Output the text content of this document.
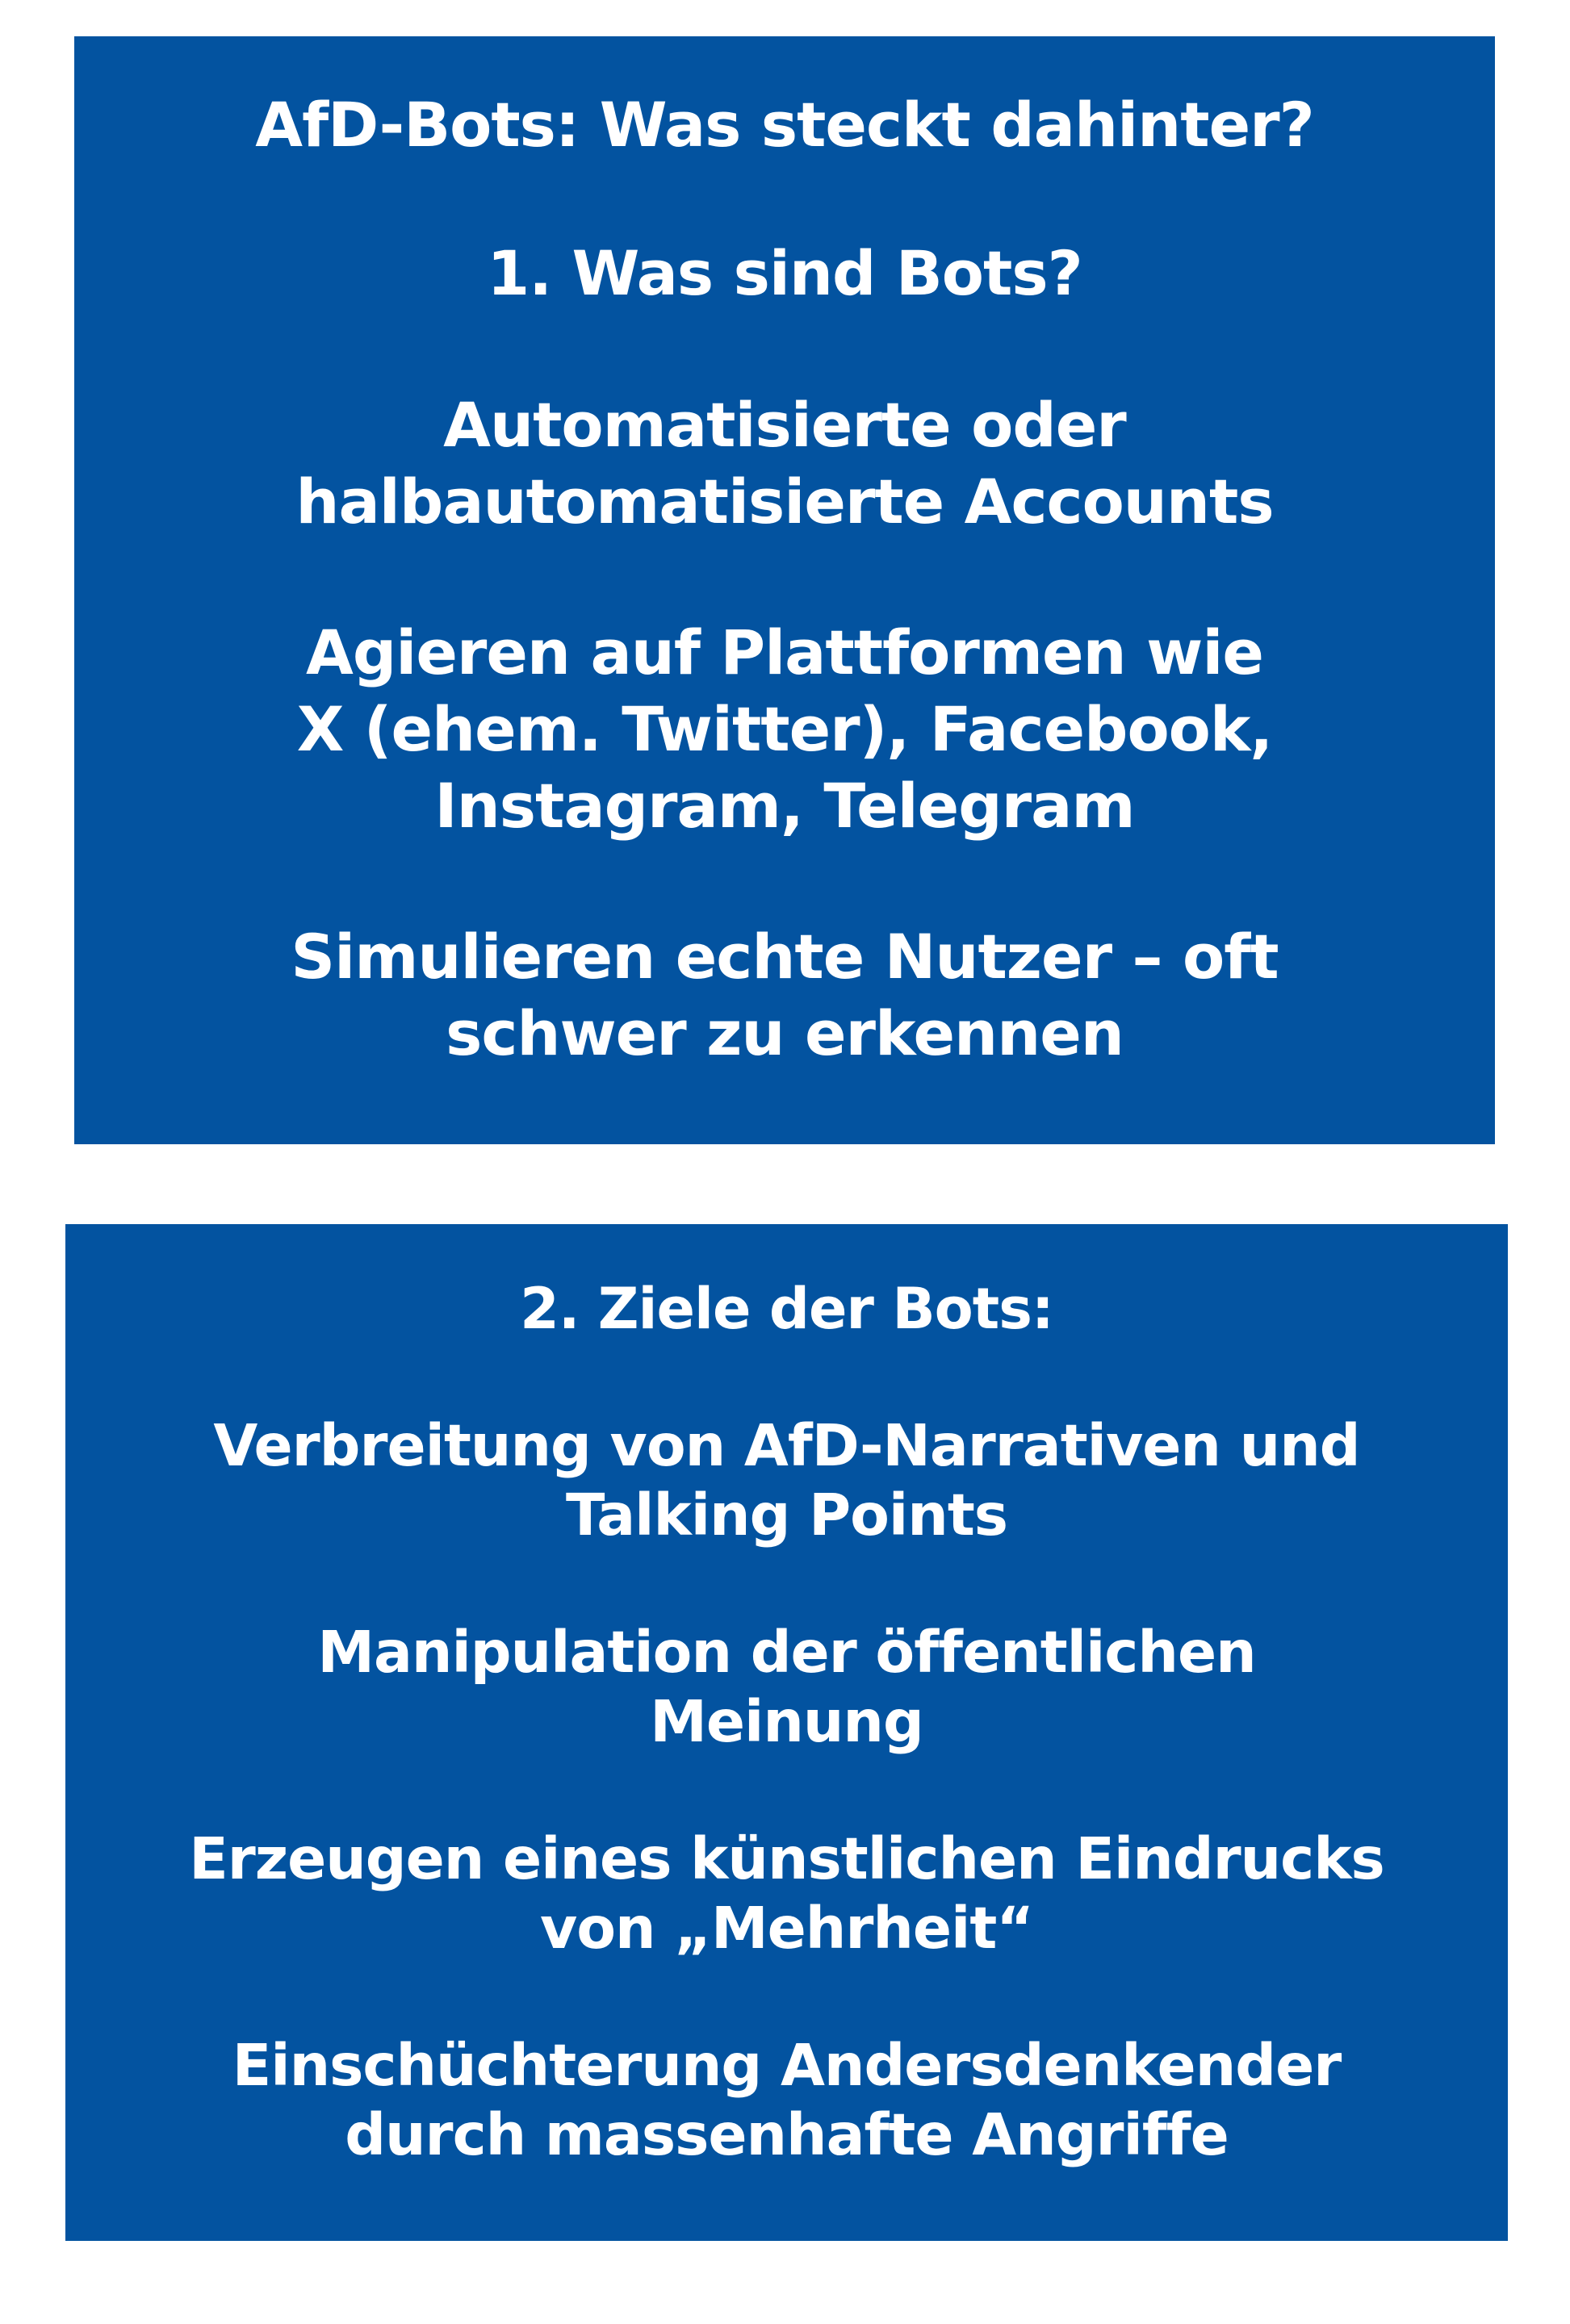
AfD-Bots: Was steckt dahinter?
1. Was sind Bots?
Automatisierte oder
halbautomatisierte Accounts
Agieren auf Plattformen wie
X (ehem. Twitter), Facebook,
Instagram, Telegram
Simulieren echte Nutzer – oft
schwer zu erkennen
2. Ziele der Bots:
Verbreitung von AfD-Narrativen und
Talking Points
Manipulation der öffentlichen
Meinung
Erzeugen eines künstlichen Eindrucks
von „Mehrheit“
Einschüchterung Andersdenkender
durch massenhafte Angriffe
